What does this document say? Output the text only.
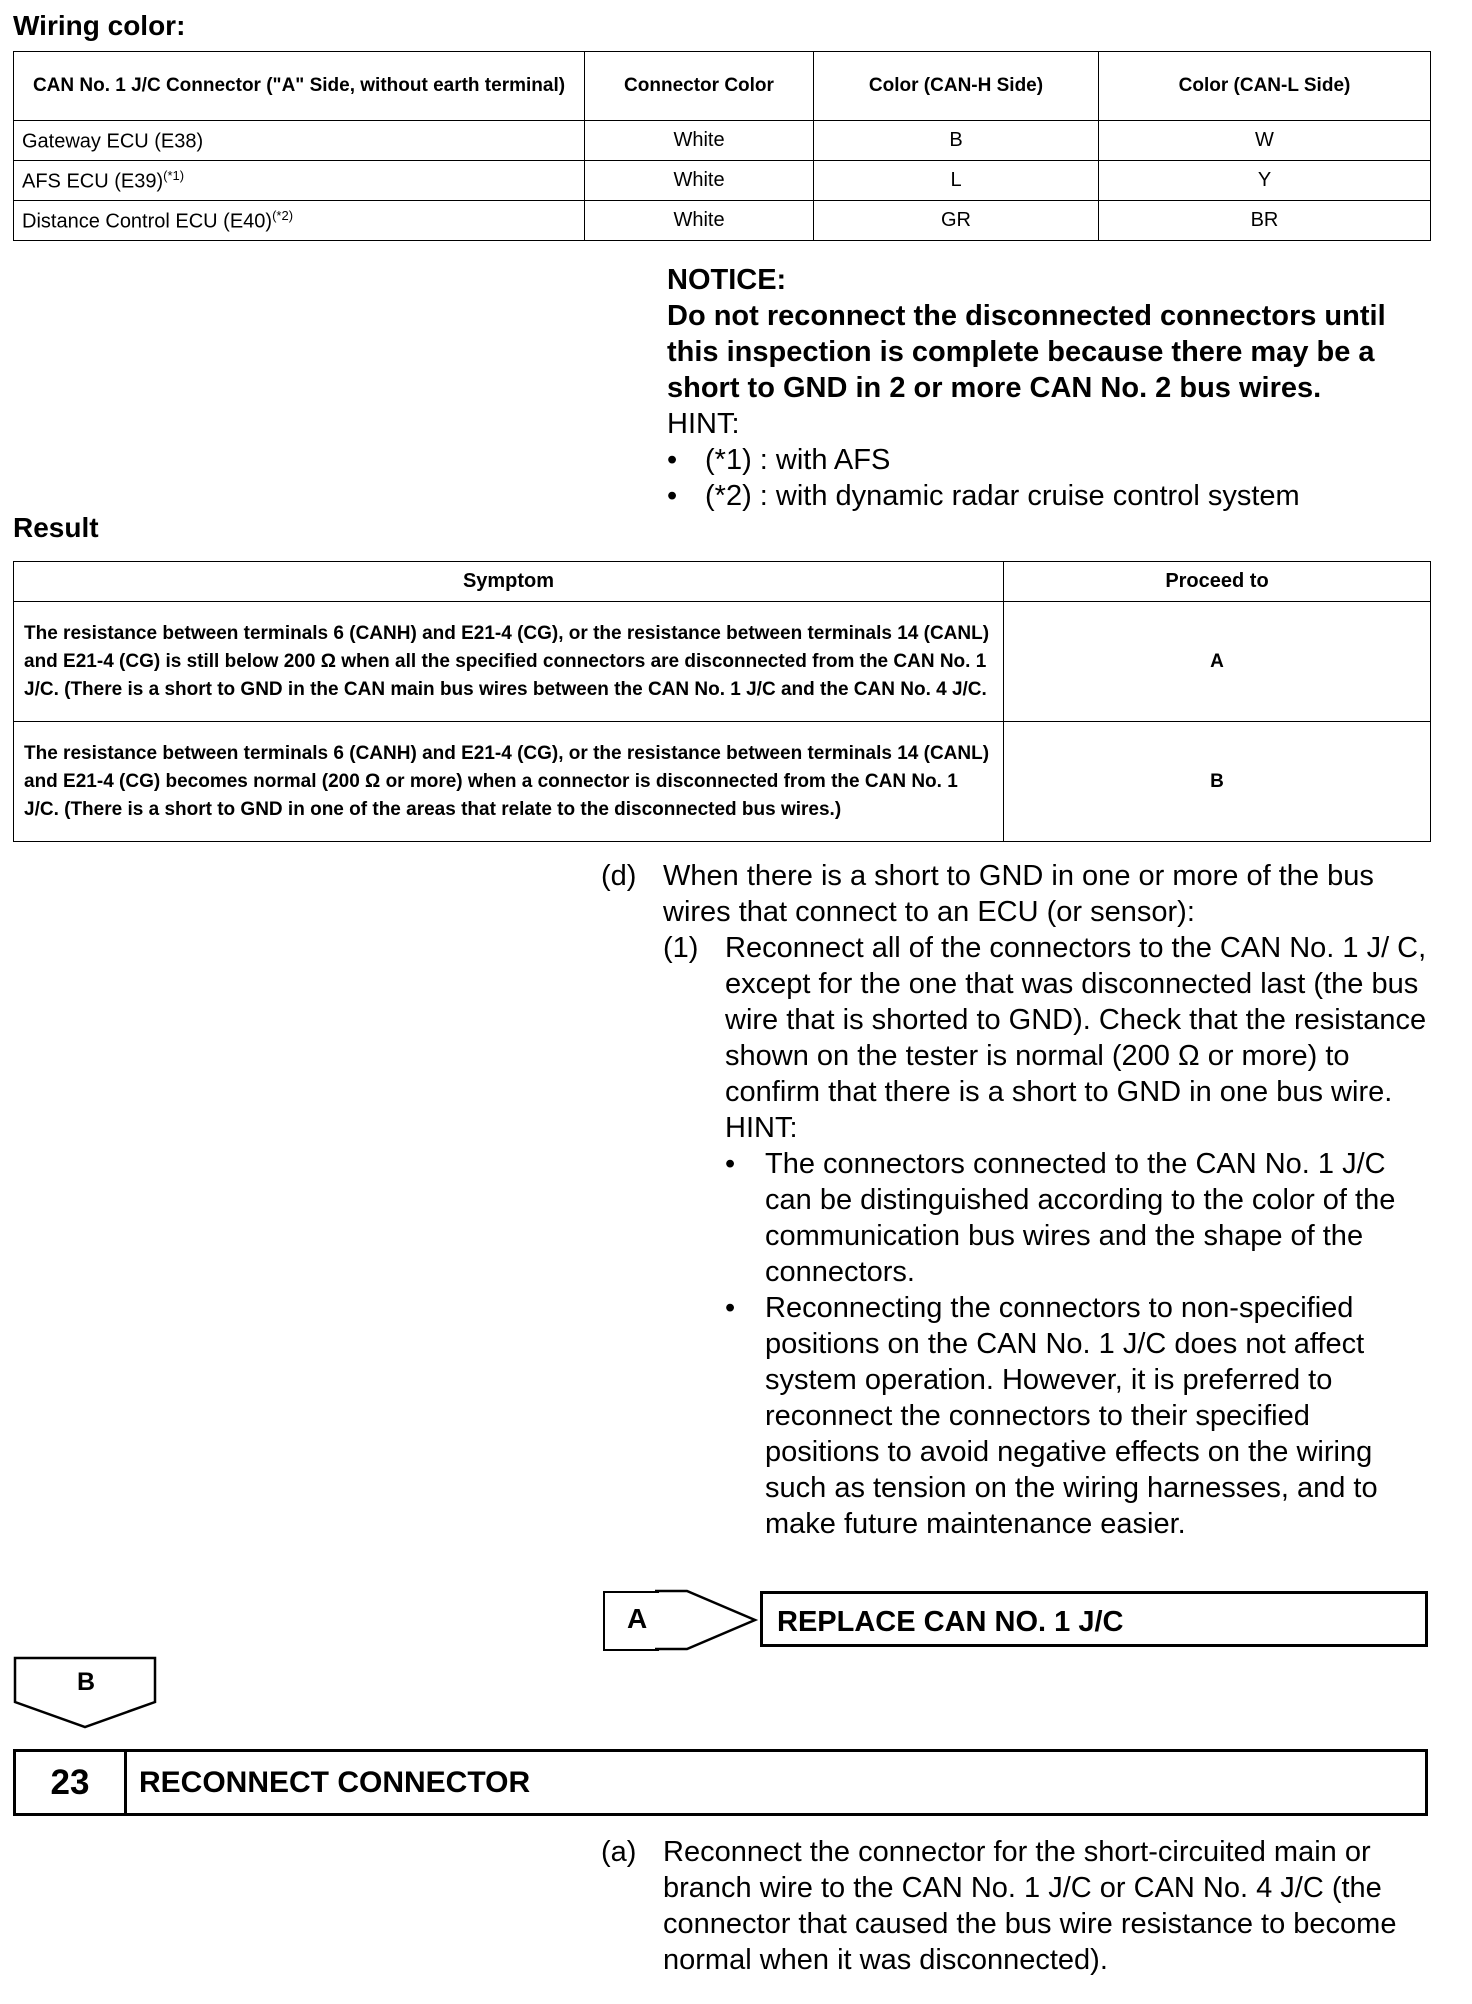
Wiring color:
CAN No. 1 J/C Connector ("A" Side, without earth terminal)	Connector Color	Color (CAN-H Side)	Color (CAN-L Side)
Gateway ECU (E38)	White	B	W
AFS ECU $(E39)^{(*1)}$	White	L	Y
Distance Control ECU $(E40)^{(*2)}$	White	GR	BR
NOTICE:
Do not reconnect the disconnected connectors until this inspection is complete because there may be a short to GND in 2 or more CAN No. 2 bus wires.
HINT:
• (*1) : with AFS
• (*2) : with dynamic radar cruise control system
Result
Symptom	Proceed to
The resistance between terminals 6 (CANH) and E21-4 (CG), or the resistance between terminals 14 (CANL) and E21-4 (CG) is still below 200 Ω when all the specified connectors are disconnected from the CAN No. 1 J/C. (There is a short to GND in the CAN main bus wires between the CAN No. 1 J/C and the CAN No. 4 J/C.	A
The resistance between terminals 6 (CANH) and E21-4 (CG), or the resistance between terminals 14 (CANL) and E21-4 (CG) becomes normal (200 Ω or more) when a connector is disconnected from the CAN No. 1 J/C. (There is a short to GND in one of the areas that relate to the disconnected bus wires.)	B
(d) When there is a short to GND in one or more of the bus wires that connect to an ECU (or sensor):
(1) Reconnect all of the connectors to the CAN No. 1 J/ C, except for the one that was disconnected last (the bus wire that is shorted to GND). Check that the resistance shown on the tester is normal (200 Ω or more) to confirm that there is a short to GND in one bus wire.
HINT:
• The connectors connected to the CAN No. 1 J/C can be distinguished according to the color of the communication bus wires and the shape of the connectors.
• Reconnecting the connectors to non-specified positions on the CAN No. 1 J/C does not affect system operation. However, it is preferred to reconnect the connectors to their specified positions to avoid negative effects on the wiring such as tension on the wiring harnesses, and to make future maintenance easier.
A	REPLACE CAN NO. 1 J/C
B
23	RECONNECT CONNECTOR
(a) Reconnect the connector for the short-circuited main or branch wire to the CAN No. 1 J/C or CAN No. 4 J/C (the connector that caused the bus wire resistance to become normal when it was disconnected).
